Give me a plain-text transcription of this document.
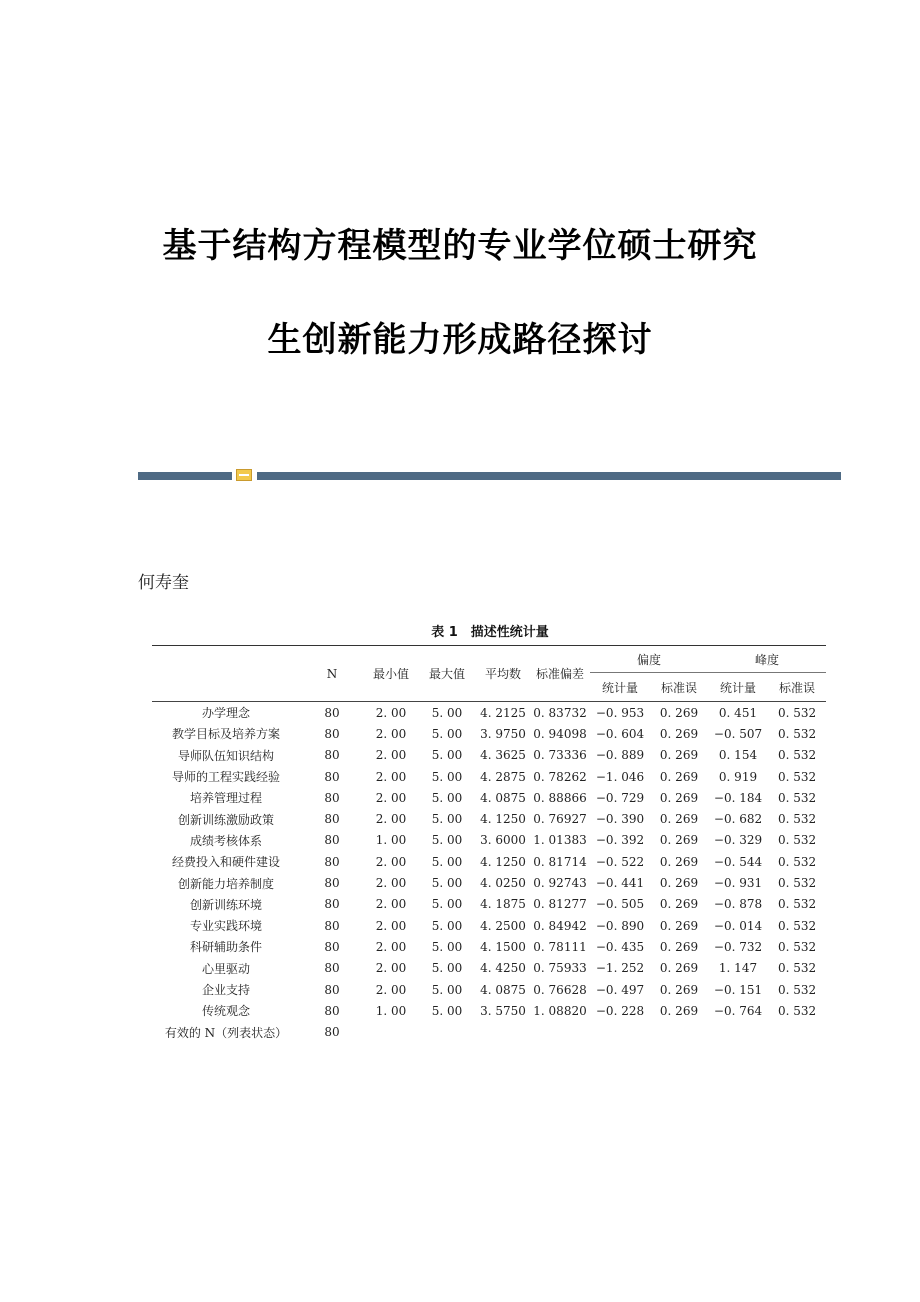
基于结构方程模型的专业学位硕士研究
生创新能力形成路径探讨
何寿奎
表 1　描述性统计量
	N	最小值	最大值	平均数	标准偏差	偏度		峰度	
						统计量	标准误	统计量	标准误
办学理念	80	2. 00	5. 00	4. 2125	0. 83732	−0. 953	0. 269	0. 451	0. 532
教学目标及培养方案	80	2. 00	5. 00	3. 9750	0. 94098	−0. 604	0. 269	−0. 507	0. 532
导师队伍知识结构	80	2. 00	5. 00	4. 3625	0. 73336	−0. 889	0. 269	0. 154	0. 532
导师的工程实践经验	80	2. 00	5. 00	4. 2875	0. 78262	−1. 046	0. 269	0. 919	0. 532
培养管理过程	80	2. 00	5. 00	4. 0875	0. 88866	−0. 729	0. 269	−0. 184	0. 532
创新训练激励政策	80	2. 00	5. 00	4. 1250	0. 76927	−0. 390	0. 269	−0. 682	0. 532
成绩考核体系	80	1. 00	5. 00	3. 6000	1. 01383	−0. 392	0. 269	−0. 329	0. 532
经费投入和硬件建设	80	2. 00	5. 00	4. 1250	0. 81714	−0. 522	0. 269	−0. 544	0. 532
创新能力培养制度	80	2. 00	5. 00	4. 0250	0. 92743	−0. 441	0. 269	−0. 931	0. 532
创新训练环境	80	2. 00	5. 00	4. 1875	0. 81277	−0. 505	0. 269	−0. 878	0. 532
专业实践环境	80	2. 00	5. 00	4. 2500	0. 84942	−0. 890	0. 269	−0. 014	0. 532
科研辅助条件	80	2. 00	5. 00	4. 1500	0. 78111	−0. 435	0. 269	−0. 732	0. 532
心里驱动	80	2. 00	5. 00	4. 4250	0. 75933	−1. 252	0. 269	1. 147	0. 532
企业支持	80	2. 00	5. 00	4. 0875	0. 76628	−0. 497	0. 269	−0. 151	0. 532
传统观念	80	1. 00	5. 00	3. 5750	1. 08820	−0. 228	0. 269	−0. 764	0. 532
有效的 N（列表状态）	80								
